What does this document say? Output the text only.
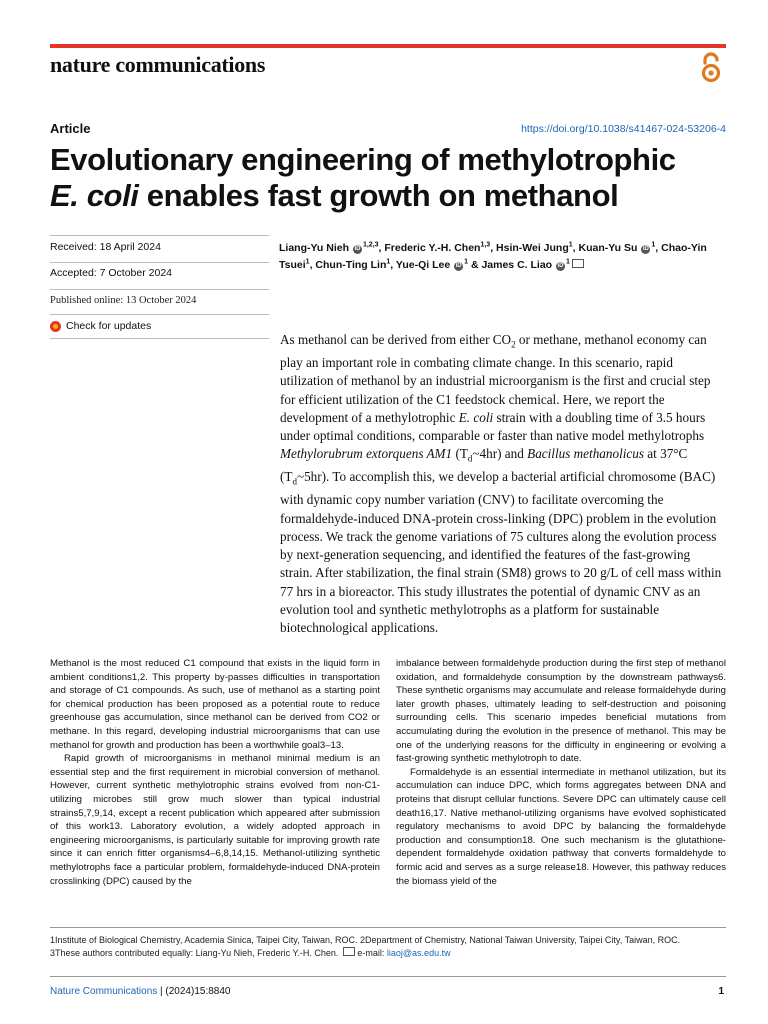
nature communications
Article	https://doi.org/10.1038/s41467-024-53206-4
Evolutionary engineering of methylotrophic
E. coli enables fast growth on methanol
Received: 18 April 2024
Accepted: 7 October 2024
Published online: 13 October 2024
Check for updates
Liang-Yu Nieh iD$^{1,2,3}$, Frederic Y.-H. Chen$^{1,3}$, Hsin-Wei Jung$^1$, Kuan-Yu Su $iD^1$, Chao-Yin Tsuei$^1$, Chun-Ting Lin$^1$, Yue-Qi Lee $iD^1$ & James C. Liao $iD^1$
As methanol can be derived from either $CO_2$ or methane, methanol economy can play an important role in combating climate change. In this scenario, rapid utilization of methanol by an industrial microorganism is the first and crucial step for efficient utilization of the C1 feedstock chemical. Here, we report the development of a methylotrophic E. coli strain with a doubling time of 3.5 hours under optimal conditions, comparable or faster than native model methylotrophs Methylorubrum extorquens AM1 $(T_d\sim 4hr)$ and Bacillus methanolicus at 37°C $(T_d\sim 5hr)$. To accomplish this, we develop a bacterial artificial chromosome (BAC) with dynamic copy number variation (CNV) to facilitate overcoming the formaldehyde-induced DNA-protein cross-linking (DPC) problem in the evolution process. We track the genome variations of 75 cultures along the evolution process by next-generation sequencing, and identified the features of the fast-growing strain. After stabilization, the final strain (SM8) grows to 20 g/L of cell mass within 77 hrs in a bioreactor. This study illustrates the potential of dynamic CNV as an evolution tool and synthetic methylotrophs as a platform for sustainable biotechnological applications.

Methanol is the most reduced C1 compound that exists in the liquid form in ambient conditions1,2. This property by-passes difficulties in transportation and storage of C1 compounds. As such, use of methanol as a starting point for chemical production has been proposed as a potential route to reduce greenhouse gas accumulation, since methanol can be derived from CO2 or methane. In this regard, developing industrial microorganisms that can use methanol for growth and production has been a worthwhile goal3–13.

Rapid growth of microorganisms in methanol minimal medium is an essential step and the first requirement in microbial conversion of methanol. However, current synthetic methylotrophic strains evolved from non-C1-utilizing microbes still grow much slower than typical industrial strains5,7,9,14, except a recent publication which appeared after submission of this work13. Laboratory evolution, a widely adopted approach in engineering microorganisms, is particularly suitable for improving growth rate since it can enrich fitter organisms4–6,8,14,15. Methanol-utilizing synthetic methylotrophs face a particular problem, formaldehyde-induced DNA-protein crosslinking (DPC) caused by the

imbalance between formaldehyde production during the first step of methanol oxidation, and formaldehyde consumption by the downstream pathways6. These synthetic organisms may accumulate and release formaldehyde during later growth phases, ultimately leading to self-destruction and poisoning surrounding cells. This scenario impedes beneficial mutations from accumulating during the evolution in the presence of methanol. This may be one of the underlying reasons for the difficulty in engineering or evolving a fast-growing synthetic methylotroph to date.

Formaldehyde is an essential intermediate in methanol utilization, but its accumulation can induce DPC, which forms aggregates between DNA and proteins that disrupt cellular functions. Severe DPC can ultimately cause cell death16,17. Native methanol-utilizing organisms have evolved sophisticated regulatory mechanisms to avoid DPC by balancing the formaldehyde production and consumption18. One such mechanism is the glutathione-dependent formaldehyde oxidation pathway that converts formaldehyde to formic acid and serves as a surge release18. However, this pathway reduces the biomass yield of the

1Institute of Biological Chemistry, Academia Sinica, Taipei City, Taiwan, ROC. 2Department of Chemistry, National Taiwan University, Taipei City, Taiwan, ROC.
3These authors contributed equally: Liang-Yu Nieh, Frederic Y.-H. Chen. e-mail: liaoj@as.edu.tw
Nature Communications | (2024)15:8840	1
